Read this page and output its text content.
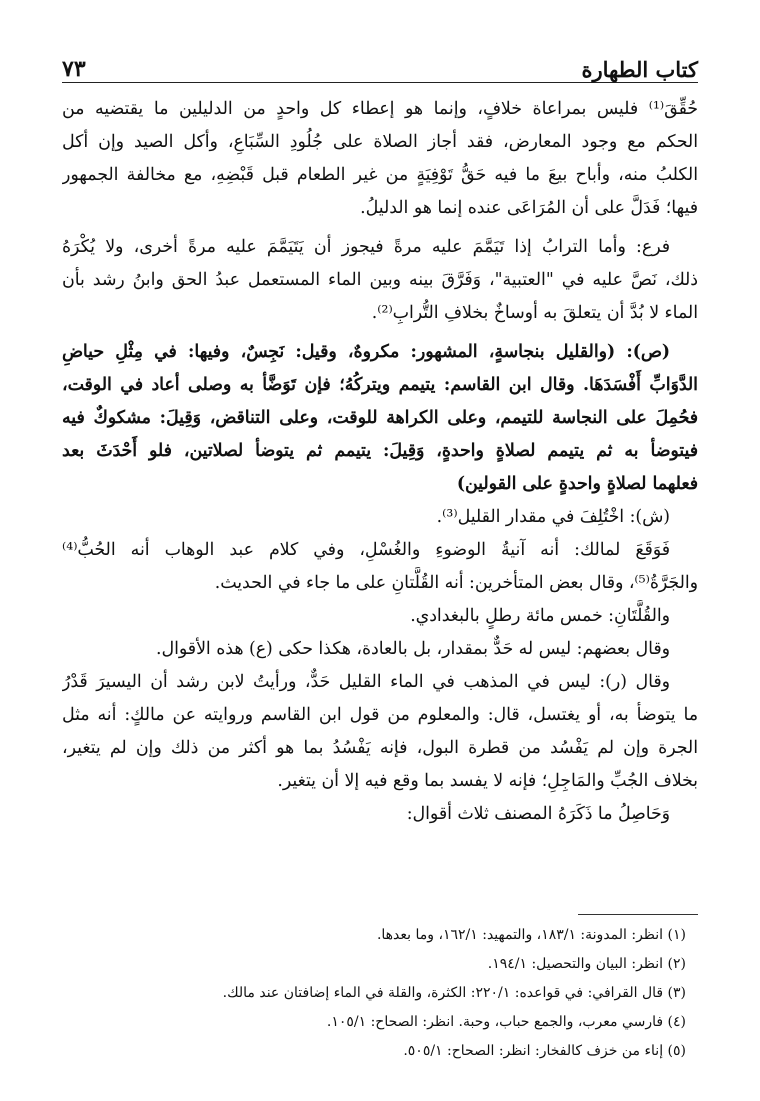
كتاب الطهارة
٧٣
حُقِّقَ⁽¹⁾ فليس بمراعاة خلافٍ، وإنما هو إعطاء كل واحدٍ من الدليلين ما يقتضيه من
الحكم مع وجود المعارض، فقد أجاز الصلاة على جُلُودِ السِّبَاعِ، وأكل الصيد وإن أكل
الكلبُ منه، وأباح بيعَ ما فيه حَقُّ تَوْفِيَةٍ من غير الطعام قبل قَبْضِهِ، مع مخالفة الجمهور
فيها؛ فَدَلَّ على أن المُرَاعَى عنده إنما هو الدليلُ.
فرع: وأما الترابُ إذا تَيَمَّمَ عليه مرةً فيجوز أن يَتَيَمَّمَ عليه مرةً أخرى، ولا يُكْرَهُ
ذلك، نَصَّ عليه في "العتبية"، وَفَرَّقَ بينه وبين الماء المستعمل عبدُ الحق وابنُ رشد بأن
الماء لا بُدَّ أن يتعلقَ به أوساخٌ بخلافِ التُّرابِ⁽²⁾.
(ص): (والقليل بنجاسةٍ، المشهور: مكروهٌ، وقيل: نَجِسٌ، وفيها: في مِثْلِ حياضِ
الدَّوَابِّ أَفْسَدَهَا. وقال ابن القاسم: يتيمم ويتركُهُ؛ فإن تَوَضَّأ به وصلى أعاد في الوقت،
فحُمِلَ على النجاسة للتيمم، وعلى الكراهة للوقت، وعلى التناقض، وَقِيلَ: مشكوكٌ فيه
فيتوضأ به ثم يتيمم لصلاةٍ واحدةٍ، وَقِيلَ: يتيمم ثم يتوضأ لصلاتين، فلو أَحْدَثَ بعد
فعلهما لصلاةٍ واحدةٍ على القولين)
(ش): اخْتُلِفَ في مقدار القليل⁽³⁾.
فَوَقَعَ لمالك: أنه آنيةُ الوضوءِ والغُسْلِ، وفي كلام عبد الوهاب أنه الحُبُّ⁽⁴⁾
والجَرَّةُ⁽⁵⁾، وقال بعض المتأخرين: أنه القُلَّتانِ على ما جاء في الحديث.
والقُلَّتَانِ: خمس مائة رطلٍ بالبغدادي.
وقال بعضهم: ليس له حَدٌّ بمقدار، بل بالعادة، هكذا حكى (ع) هذه الأقوال.
وقال (ر): ليس في المذهب في الماء القليل حَدٌّ، ورأيتُ لابن رشد أن اليسيرَ قَدْرُ
ما يتوضأ به، أو يغتسل، قال: والمعلوم من قول ابن القاسم وروايته عن مالكٍ: أنه مثل
الجرة وإن لم يَفْسُد من قطرة البول، فإنه يَفْسُدُ بما هو أكثر من ذلك وإن لم يتغير،
بخلاف الجُبِّ والمَاجِلِ؛ فإنه لا يفسد بما وقع فيه إلا أن يتغير.
وَحَاصِلُ ما ذَكَرَهُ المصنف ثلاث أقوال:
(١) انظر: المدونة: ١٨٣/١، والتمهيد: ١٦٢/١، وما بعدها.
(٢) انظر: البيان والتحصيل: ١٩٤/١.
(٣) قال القرافي: في قواعده: ٢٢٠/١: الكثرة، والقلة في الماء إضافتان عند مالك.
(٤) فارسي معرب، والجمع حباب، وحبة. انظر: الصحاح: ١٠٥/١.
(٥) إناء من خزف كالفخار: انظر: الصحاح: ٥٠٥/١.
